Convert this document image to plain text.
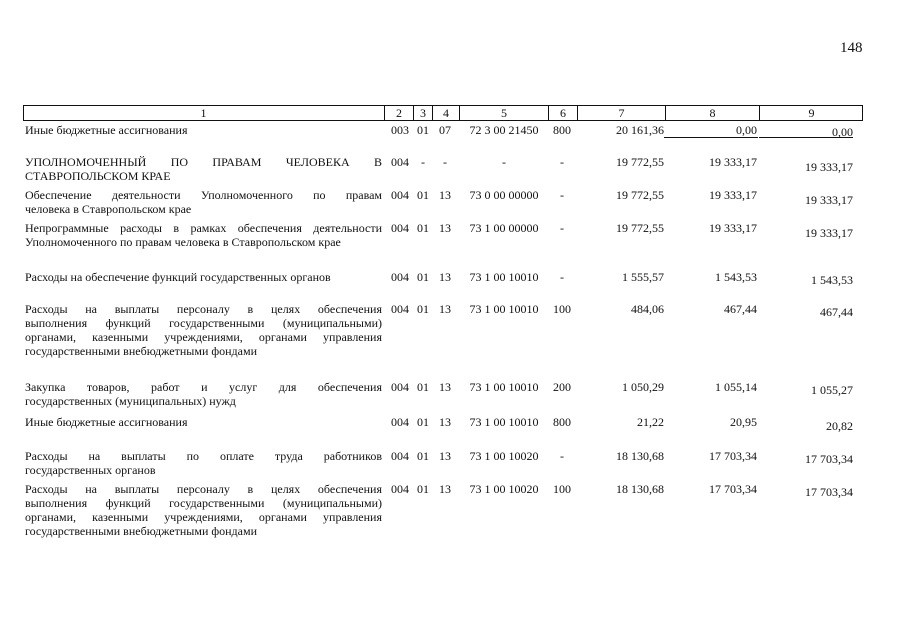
148
1	2	3	4	5	6	7	8	9
Иные бюджетные ассигнования	003 01 07	72 3 00 21450	800	20 161,36	0,00	0,00
УПОЛНОМОЧЕННЫЙ ПО ПРАВАМ ЧЕЛОВЕКА В
СТАВРОПОЛЬСКОМ КРАЕ
004	-	-	-	-	19 772,55	19 333,17	19 333,17
Обеспечение деятельности Уполномоченного по правам
человека в Ставропольском крае
004 01 13	73 0 00 00000	-	19 772,55	19 333,17	19 333,17
Непрограммные расходы в рамках обеспечения деятельности
Уполномоченного по правам человека в Ставропольском крае
004 01 13	73 1 00 00000	-	19 772,55	19 333,17	19 333,17
Расходы на обеспечение функций государственных органов	004 01 13	73 1 00 10010	-	1 555,57	1 543,53	1 543,53
Расходы на выплаты персоналу в целях обеспечения
выполнения функций государственными (муниципальными)
органами, казенными учреждениями, органами управления
государственными внебюджетными фондами
004 01 13	73 1 00 10010	100	484,06	467,44	467,44
Закупка товаров, работ и услуг для обеспечения
государственных (муниципальных) нужд
004 01 13	73 1 00 10010	200	1 050,29	1 055,14	1 055,27
Иные бюджетные ассигнования	004 01 13	73 1 00 10010	800	21,22	20,95	20,82
Расходы на выплаты по оплате труда работников
государственных органов
004 01 13	73 1 00 10020	-	18 130,68	17 703,34	17 703,34
Расходы на выплаты персоналу в целях обеспечения
выполнения функций государственными (муниципальными)
органами, казенными учреждениями, органами управления
государственными внебюджетными фондами
004 01 13	73 1 00 10020	100	18 130,68	17 703,34	17 703,34
